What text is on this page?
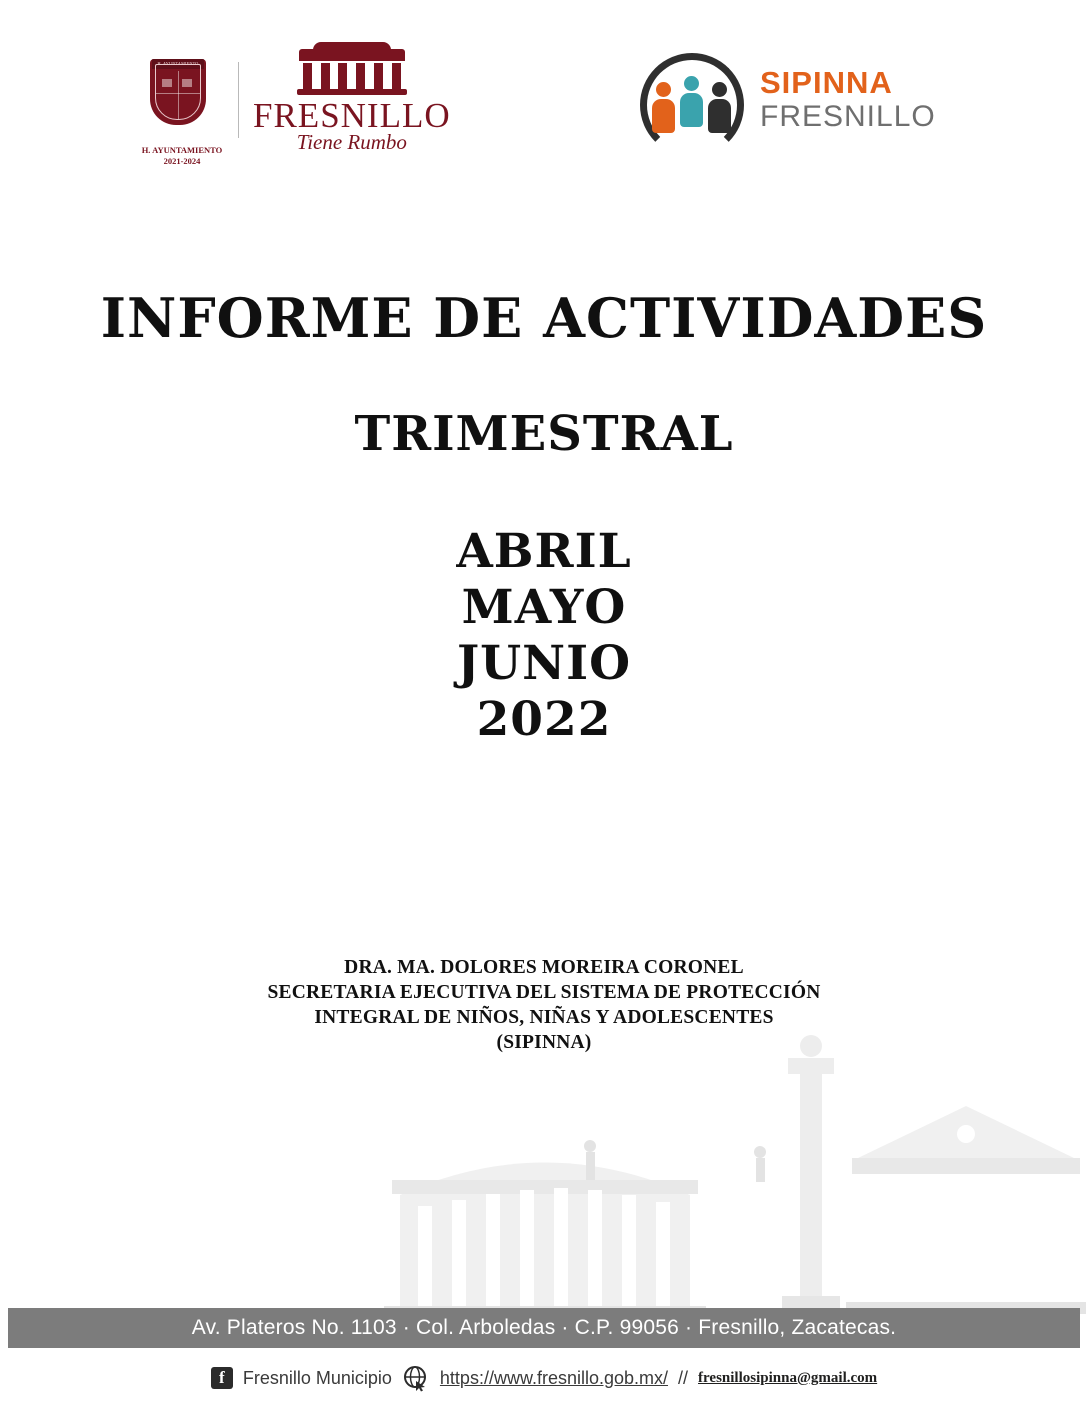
H. AYUNTAMIENTO
H. AYUNTAMIENTO
2021-2024
FRESNILLO
Tiene Rumbo
SIPINNA
FRESNILLO
INFORME DE ACTIVIDADES
TRIMESTRAL
ABRIL
MAYO
JUNIO
2022
DRA. MA. DOLORES MOREIRA CORONEL
SECRETARIA EJECUTIVA DEL SISTEMA DE PROTECCIÓN
INTEGRAL DE NIÑOS, NIÑAS Y ADOLESCENTES
(SIPINNA)
Av. Plateros No. 1103 · Col. Arboledas · C.P. 99056 · Fresnillo, Zacatecas.
f	Fresnillo Municipio	https://www.fresnillo.gob.mx/ // fresnillosipinna@gmail.com
